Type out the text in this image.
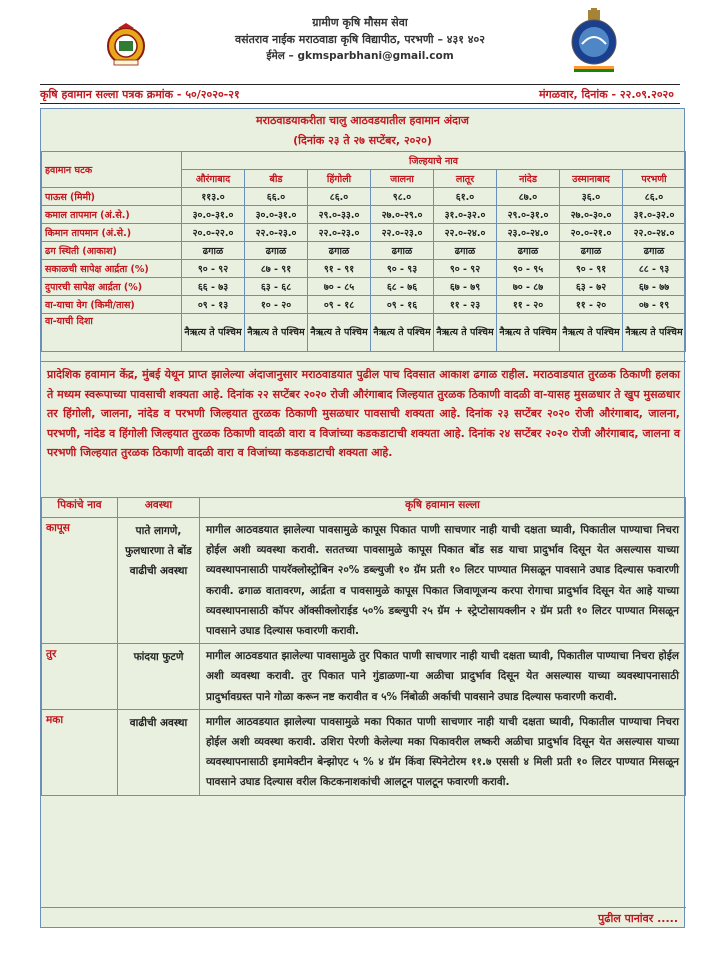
ग्रामीण कृषि मौसम सेवा
वसंतराव नाईक मराठवाडा कृषि विद्यापीठ, परभणी – ४३१ ४०२
ईमेल – gkmsparbhani@gmail.com
कृषि हवामान सल्ला पत्रक क्रमांक - ५०/२०२०-२१	मंगळवार, दिनांक - २२.०९.२०२०
मराठवाडयाकरीता चालु आठवडयातील हवामान अंदाज
(दिनांक २३ ते २७ सप्टेंबर, २०२०)
हवामान घटक	जिल्हयाचे नाव							
	औरंगाबाद	बीड	हिंगोली	जालना	लातूर	नांदेड	उस्मानाबाद	परभणी
पाऊस (मिमी)	११३.०	६६.०	८६.०	९८.०	६१.०	८७.०	३६.०	८६.०
कमाल तापमान (अं.से.)	३०.०-३१.०	३०.०-३१.०	२९.०-३३.०	२७.०-२९.०	३१.०-३२.०	२९.०-३१.०	२७.०-३०.०	३१.०-३२.०
किमान तापमान (अं.से.)	२०.०-२२.०	२२.०-२३.०	२२.०-२३.०	२२.०-२३.०	२२.०-२४.०	२३.०-२४.०	२०.०-२१.०	२२.०-२४.०
ढग स्थिती (आकाश)	ढगाळ	ढगाळ	ढगाळ	ढगाळ	ढगाळ	ढगाळ	ढगाळ	ढगाळ
सकाळची सापेक्ष आर्द्रता (%)	९० - ९२	८७ - ९१	९१ - ९१	९० - ९३	९० - ९२	९० - ९५	९० - ९१	८८ - ९३
दुपारची सापेक्ष आर्द्रता (%)	६६ - ७३	६३ - ६८	७० - ८५	६८ - ७६	६७ - ७९	७० - ८७	६३ - ७२	६७ - ७७
वा-याचा वेग (किमी/तास)	०९ - १३	१० - २०	०९ - १८	०९ - १६	११ - २३	११ - २०	११ - २०	०७ - १९
वा-याची दिशा	नैऋत्य ते पश्चिम	नैऋत्य ते पश्चिम	नैऋत्य ते पश्चिम	नैऋत्य ते पश्चिम	नैऋत्य ते पश्चिम	नैऋत्य ते पश्चिम	नैऋत्य ते पश्चिम	नैऋत्य ते पश्चिम
प्रादेशिक हवामान केंद्र, मुंबई येथून प्राप्त झालेल्या अंदाजानुसार मराठवाडयात पुढील पाच दिवसात आकाश ढगाळ राहील. मराठवाडयात तुरळक ठिकाणी हलका ते मध्यम स्वरूपाच्या पावसाची शक्यता आहे. दिनांक २२ सप्टेंबर २०२० रोजी औरंगाबाद जिल्हयात तुरळक ठिकाणी वादळी वा-यासह मुसळधार ते खुप मुसळधार तर हिंगोली, जालना, नांदेड व परभणी जिल्हयात तुरळक ठिकाणी मुसळधार पावसाची शक्यता आहे. दिनांक २३ सप्टेंबर २०२० रोजी औरंगाबाद, जालना, परभणी, नांदेड व हिंगोली जिल्हयात तुरळक ठिकाणी वादळी वारा व विजांच्या कडकडाटाची शक्यता आहे. दिनांक २४ सप्टेंबर २०२० रोजी औरंगाबाद, जालना व परभणी जिल्हयात तुरळक ठिकाणी वादळी वारा व विजांच्या कडकडाटाची शक्यता आहे.
पिकांचे नाव	अवस्था	कृषि हवामान सल्ला
कापूस	पाते लागणे, फुलधारणा ते बोंड वाढीची अवस्था	मागील आठवडयात झालेल्या पावसामुळे कापूस पिकात पाणी साचणार नाही याची दक्षता घ्यावी, पिकातील पाण्याचा निचरा होईल अशी व्यवस्था करावी. सततच्या पावसामुळे कापूस पिकात बोंड सड याचा प्रादुर्भाव दिसून येत असल्यास याच्या व्यवस्थापनासाठी पायरॅक्लोस्ट्रोबिन २०% डब्ल्युजी १० ग्रॅम प्रती १० लिटर पाण्यात मिसळून पावसाने उघाड दिल्यास फवारणी करावी. ढगाळ वातावरण, आर्द्रता व पावसामुळे कापूस पिकात जिवाणूजन्य करपा रोगाचा प्रादुर्भाव दिसून येत आहे याच्या व्यवस्थापनासाठी कॉपर ऑक्सीक्लोराईड ५०% डब्ल्युपी २५ ग्रॅम + स्ट्रेप्टोसायक्लीन २ ग्रॅम प्रती १० लिटर पाण्यात मिसळून पावसाने उघाड दिल्यास फवारणी करावी.
तुर	फांदया फुटणे	मागील आठवडयात झालेल्या पावसामुळे तुर पिकात पाणी साचणार नाही याची दक्षता घ्यावी, पिकातील पाण्याचा निचरा होईल अशी व्यवस्था करावी. तुर पिकात पाने गुंडाळणा-या अळीचा प्रादुर्भाव दिसून येत असल्यास याच्या व्यवस्थापनासाठी प्रादुर्भावग्रस्त पाने गोळा करून नष्ट करावीत व ५% निंबोळी अर्काची पावसाने उघाड दिल्यास फवारणी करावी.
मका	वाढीची अवस्था	मागील आठवडयात झालेल्या पावसामुळे मका पिकात पाणी साचणार नाही याची दक्षता घ्यावी, पिकातील पाण्याचा निचरा होईल अशी व्यवस्था करावी. उशिरा पेरणी केलेल्या मका पिकावरील लष्करी अळीचा प्रादुर्भाव दिसून येत असल्यास याच्या व्यवस्थापनासाठी इमामेक्टीन बेन्झोएट ५ % ४ ग्रॅम किंवा स्पिनेटोरम ११.७ एससी ४ मिली प्रती १० लिटर पाण्यात मिसळून पावसाने उघाड दिल्यास वरील किटकनाशकांची आलटून पालटून फवारणी करावी.
पुढील पानांवर .....
